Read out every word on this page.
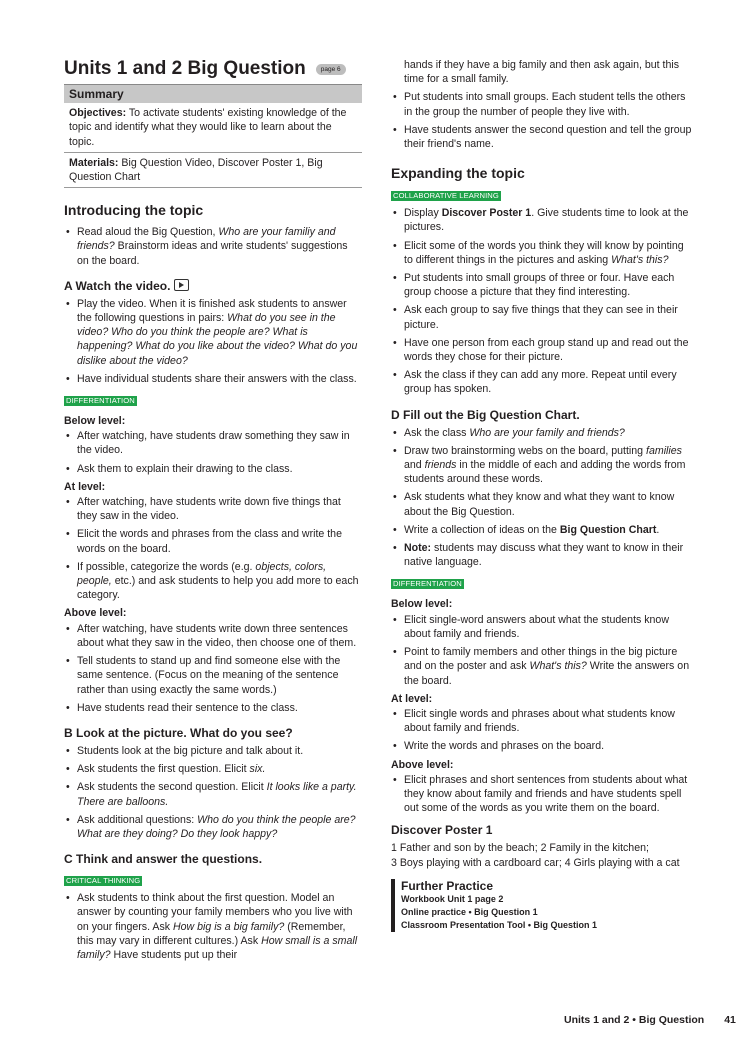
Units 1 and 2 Big Question	page 6
Summary
Objectives: To activate students' existing knowledge of the topic and identify what they would like to learn about the topic.
Materials: Big Question Video, Discover Poster 1, Big Question Chart
Introducing the topic
• Read aloud the Big Question, Who are your familiy and friends? Brainstorm ideas and write students' suggestions on the board.
A Watch the video.
• Play the video. When it is finished ask students to answer the following questions in pairs: What do you see in the video? Who do you think the people are? What is happening? What do you like about the video? What do you dislike about the video?
• Have individual students share their answers with the class.
DIFFERENTIATION
Below level:
• After watching, have students draw something they saw in the video.
• Ask them to explain their drawing to the class.
At level:
• After watching, have students write down five things that they saw in the video.
• Elicit the words and phrases from the class and write the words on the board.
• If possible, categorize the words (e.g. objects, colors, people, etc.) and ask students to help you add more to each category.
Above level:
• After watching, have students write down three sentences about what they saw in the video, then choose one of them.
• Tell students to stand up and find someone else with the same sentence. (Focus on the meaning of the sentence rather than using exactly the same words.)
• Have students read their sentence to the class.
B Look at the picture. What do you see?
• Students look at the big picture and talk about it.
• Ask students the first question. Elicit six.
• Ask students the second question. Elicit It looks like a party. There are balloons.
• Ask additional questions: Who do you think the people are? What are they doing? Do they look happy?
C Think and answer the questions.
CRITICAL THINKING
• Ask students to think about the first question. Model an answer by counting your family members who you live with on your fingers. Ask How big is a big family? (Remember, this may vary in different cultures.) Ask How small is a small family? Have students put up their

hands if they have a big family and then ask again, but this time for a small family.

• Put students into small groups. Each student tells the others in the group the number of people they live with.
• Have students answer the second question and tell the group their friend's name.
Expanding the topic
COLLABORATIVE LEARNING
• Display Discover Poster 1. Give students time to look at the pictures.
• Elicit some of the words you think they will know by pointing to different things in the pictures and asking What's this?
• Put students into small groups of three or four. Have each group choose a picture that they find interesting.
• Ask each group to say five things that they can see in their picture.
• Have one person from each group stand up and read out the words they chose for their picture.
• Ask the class if they can add any more. Repeat until every group has spoken.
D Fill out the Big Question Chart.
• Ask the class Who are your family and friends?
• Draw two brainstorming webs on the board, putting families and friends in the middle of each and adding the words from students around these words.
• Ask students what they know and what they want to know about the Big Question.
• Write a collection of ideas on the Big Question Chart.
• Note: students may discuss what they want to know in their native language.
DIFFERENTIATION
Below level:
• Elicit single-word answers about what the students know about family and friends.
• Point to family members and other things in the big picture and on the poster and ask What's this? Write the answers on the board.
At level:
• Elicit single words and phrases about what students know about family and friends.
• Write the words and phrases on the board.
Above level:
• Elicit phrases and short sentences from students about what they know about family and friends and have students spell out some of the words as you write them on the board.
Discover Poster 1

1 Father and son by the beach; 2 Family in the kitchen;

3 Boys playing with a cardboard car; 4 Girls playing with a cat

Further Practice
Workbook Unit 1 page 2
Online practice • Big Question 1
Classroom Presentation Tool • Big Question 1
Units 1 and 2 • Big Question 41
